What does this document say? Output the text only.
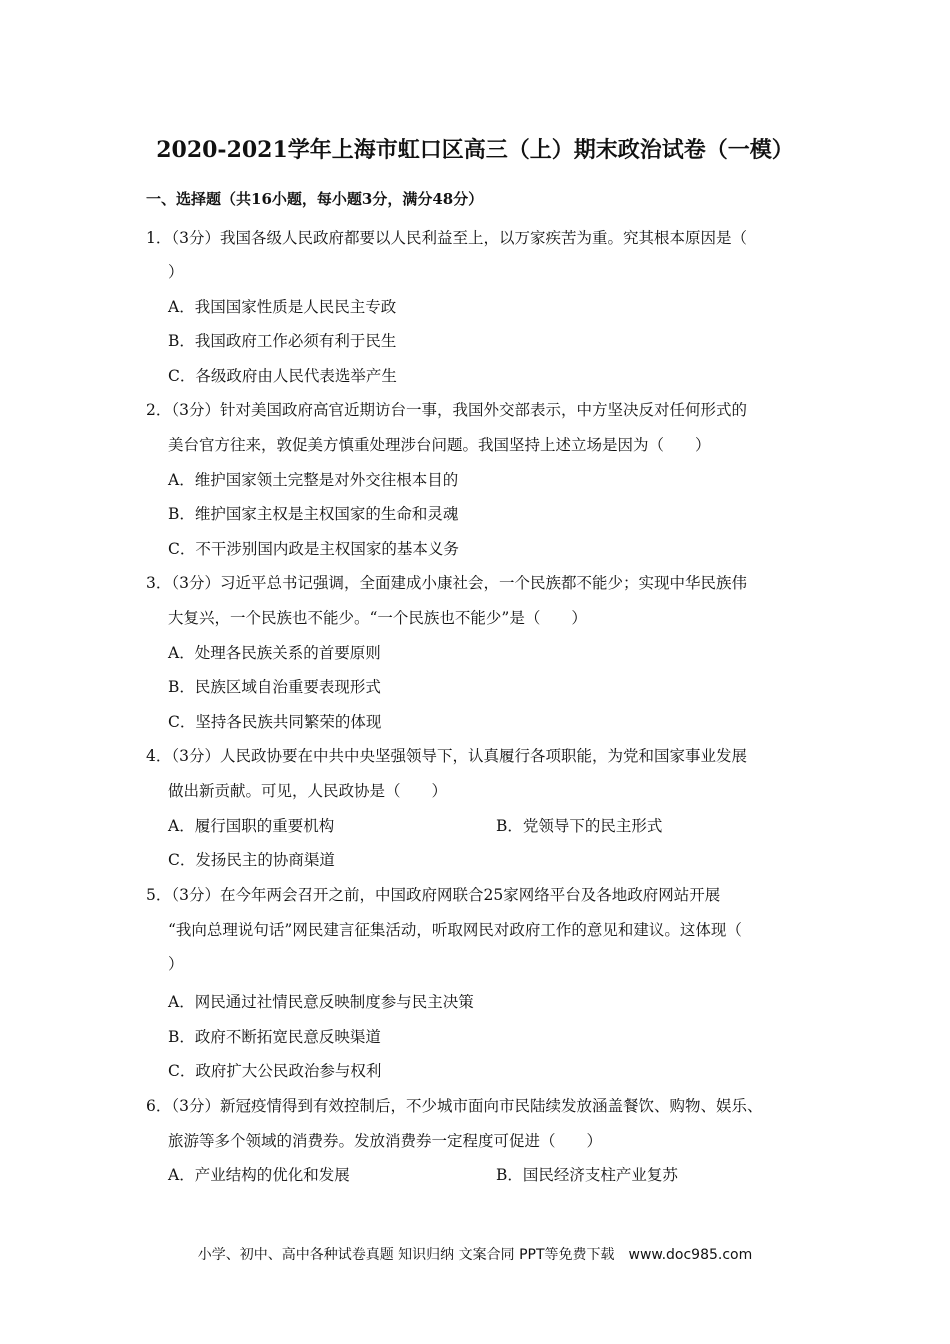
2020-2021学年上海市虹口区高三（上）期末政治试卷（一模）
一、选择题（共16小题，每小题3分，满分48分）
1．（3分）我国各级人民政府都要以人民利益至上，以万家疾苦为重。究其根本原因是（
）
A．我国国家性质是人民民主专政
B．我国政府工作必须有利于民生
C．各级政府由人民代表选举产生
2．（3分）针对美国政府高官近期访台一事，我国外交部表示，中方坚决反对任何形式的
美台官方往来，敦促美方慎重处理涉台问题。我国坚持上述立场是因为（　　）
A．维护国家领土完整是对外交往根本目的
B．维护国家主权是主权国家的生命和灵魂
C．不干涉别国内政是主权国家的基本义务
3．（3分）习近平总书记强调，全面建成小康社会，一个民族都不能少；实现中华民族伟
大复兴，一个民族也不能少。“一个民族也不能少”是（　　）
A．处理各民族关系的首要原则
B．民族区域自治重要表现形式
C．坚持各民族共同繁荣的体现
4．（3分）人民政协要在中共中央坚强领导下，认真履行各项职能，为党和国家事业发展
做出新贡献。可见，人民政协是（　　）
A．履行国职的重要机构	B．党领导下的民主形式
C．发扬民主的协商渠道
5．（3分）在今年两会召开之前，中国政府网联合25家网络平台及各地政府网站开展
“我向总理说句话”网民建言征集活动，听取网民对政府工作的意见和建议。这体现（
）
A．网民通过社情民意反映制度参与民主决策
B．政府不断拓宽民意反映渠道
C．政府扩大公民政治参与权利
6．（3分）新冠疫情得到有效控制后，不少城市面向市民陆续发放涵盖餐饮、购物、娱乐、
旅游等多个领域的消费券。发放消费券一定程度可促进（　　）
A．产业结构的优化和发展	B．国民经济支柱产业复苏
小学、初中、高中各种试卷真题 知识归纳 文案合同 PPT等免费下载　www.doc985.com
